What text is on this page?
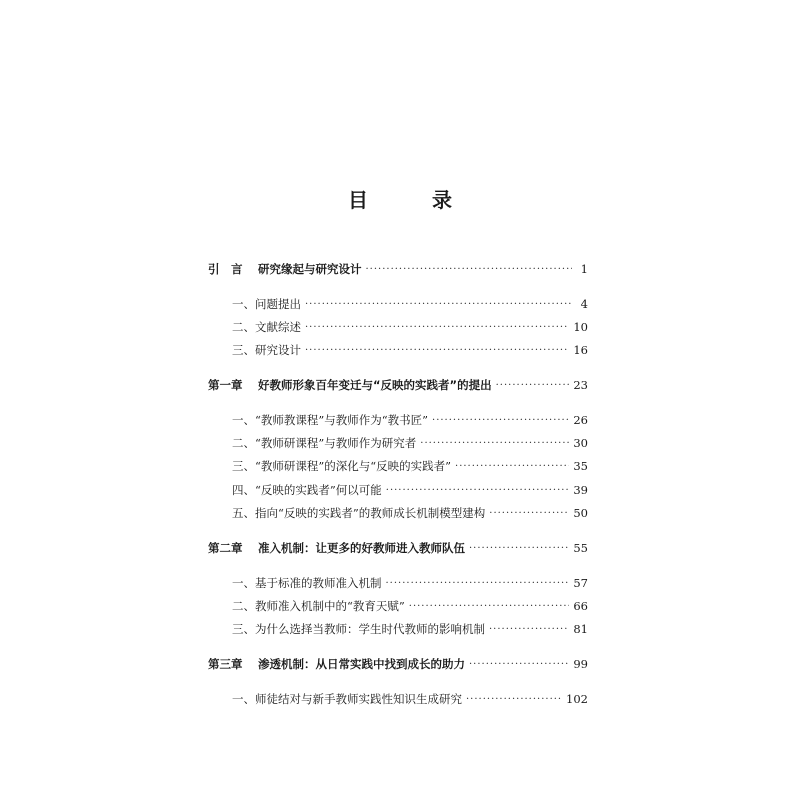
目　录
引　言 研究缘起与研究设计 ·····	1
一、问题提出 ·····	4
二、文献综述 ·····	10
三、研究设计 ·····	16
第一章 好教师形象百年变迁与“反映的实践者”的提出 ·····	23
一、“教师教课程”与教师作为“教书匠” ·····	26
二、“教师研课程”与教师作为研究者 ·····	30
三、“教师研课程”的深化与“反映的实践者” ·····	35
四、“反映的实践者”何以可能 ·····	39
五、指向“反映的实践者”的教师成长机制模型建构 ·····	50
第二章 准入机制：让更多的好教师进入教师队伍 ·····	55
一、基于标准的教师准入机制 ·····	57
二、教师准入机制中的“教育天赋” ·····	66
三、为什么选择当教师：学生时代教师的影响机制 ·····	81
第三章 渗透机制：从日常实践中找到成长的助力 ·····	99
一、师徒结对与新手教师实践性知识生成研究 ·····	102
